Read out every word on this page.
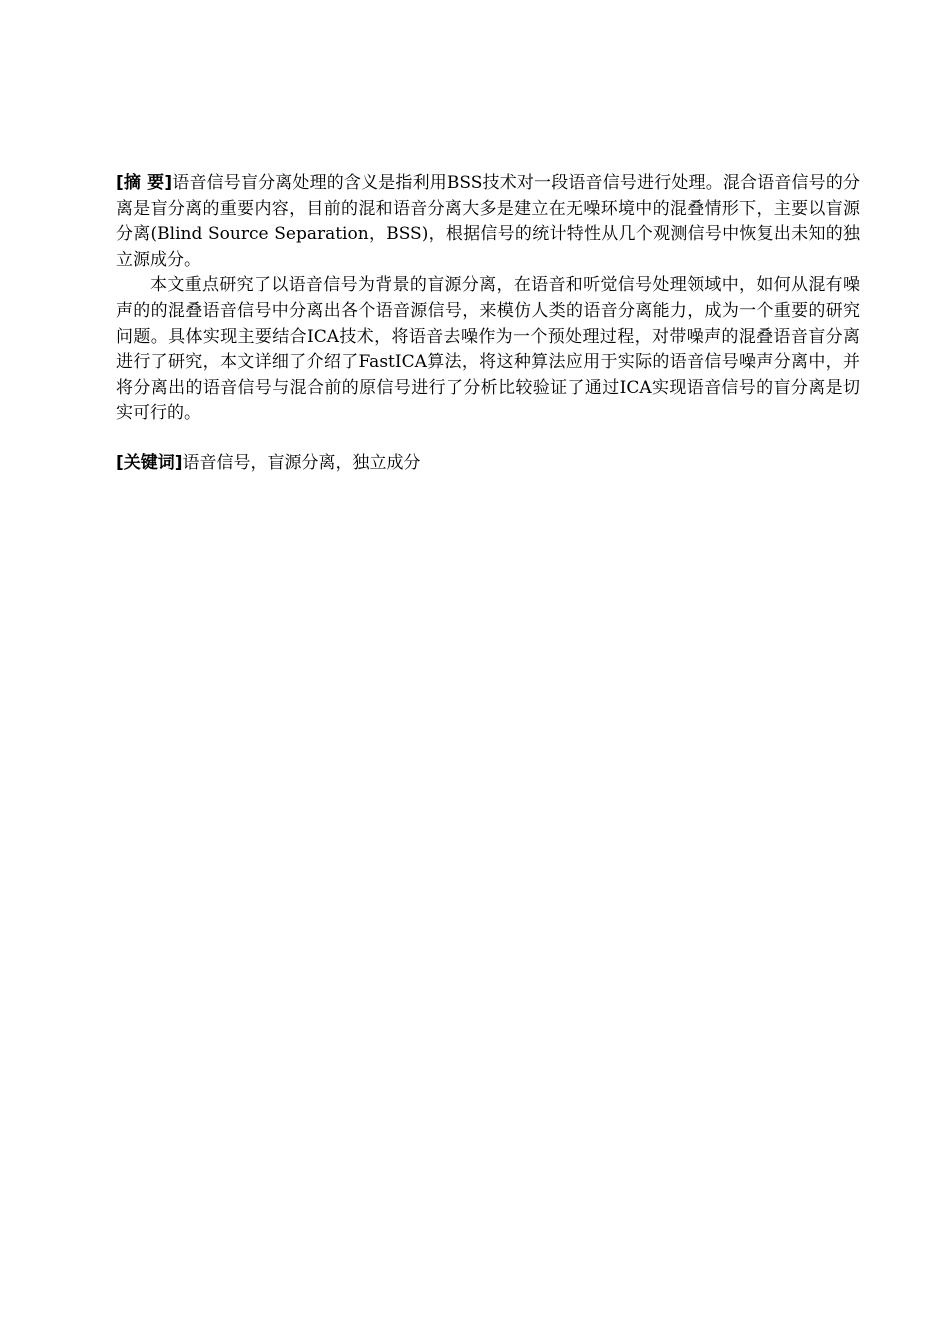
[摘 要]语音信号盲分离处理的含义是指利用BSS技术对一段语音信号进行处理。混合语音信号的分离是盲分离的重要内容，目前的混和语音分离大多是建立在无噪环境中的混叠情形下，主要以盲源分离(Blind Source Separation，BSS)，根据信号的统计特性从几个观测信号中恢复出未知的独立源成分。

本文重点研究了以语音信号为背景的盲源分离，在语音和听觉信号处理领域中，如何从混有噪声的的混叠语音信号中分离出各个语音源信号，来模仿人类的语音分离能力，成为一个重要的研究问题。具体实现主要结合ICA技术，将语音去噪作为一个预处理过程，对带噪声的混叠语音盲分离进行了研究，本文详细了介绍了FastICA算法，将这种算法应用于实际的语音信号噪声分离中，并将分离出的语音信号与混合前的原信号进行了分析比较验证了通过ICA实现语音信号的盲分离是切实可行的。

[关键词]语音信号，盲源分离，独立成分
